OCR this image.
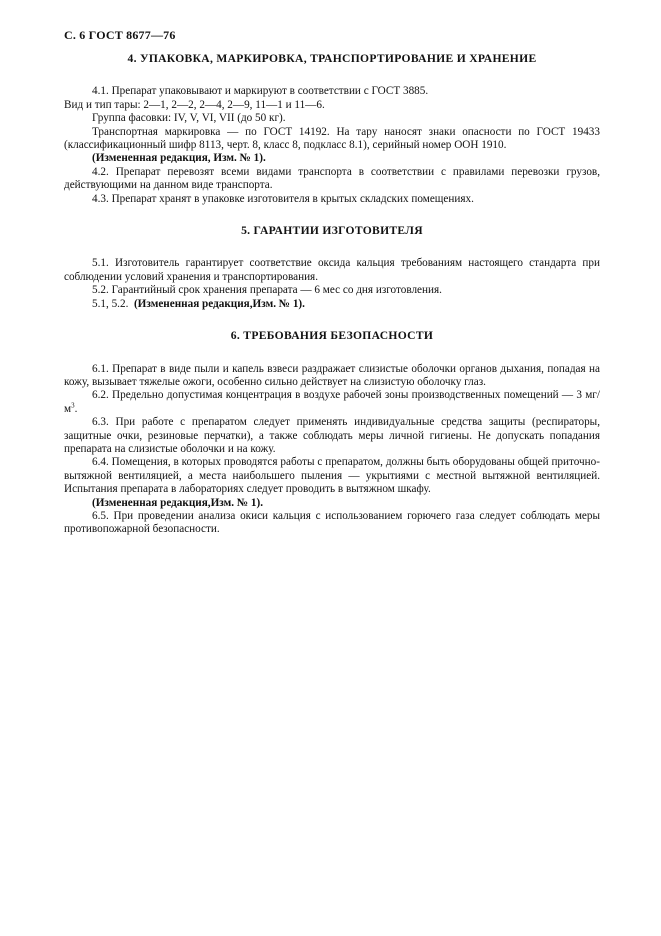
С. 6 ГОСТ 8677—76
4. УПАКОВКА, МАРКИРОВКА, ТРАНСПОРТИРОВАНИЕ И ХРАНЕНИЕ

4.1. Препарат упаковывают и маркируют в соответствии с ГОСТ 3885.

Вид и тип тары: 2—1, 2—2, 2—4, 2—9, 11—1 и 11—6.

Группа фасовки: IV, V, VI, VII (до 50 кг).

Транспортная маркировка — по ГОСТ 14192. На тару наносят знаки опасности по ГОСТ 19433 (классификационный шифр 8113, черт. 8, класс 8, подкласс 8.1), серийный номер ООН 1910.

(Измененная редакция, Изм. № 1).

4.2. Препарат перевозят всеми видами транспорта в соответствии с правилами перевозки грузов, действующими на данном виде транспорта.

4.3. Препарат хранят в упаковке изготовителя в крытых складских помещениях.

5. ГАРАНТИИ ИЗГОТОВИТЕЛЯ

5.1. Изготовитель гарантирует соответствие оксида кальция требованиям настоящего стандарта при соблюдении условий хранения и транспортирования.

5.2. Гарантийный срок хранения препарата — 6 мес со дня изготовления.

5.1, 5.2. (Измененная редакция,Изм. № 1).

6. ТРЕБОВАНИЯ БЕЗОПАСНОСТИ

6.1. Препарат в виде пыли и капель взвеси раздражает слизистые оболочки органов дыхания, попадая на кожу, вызывает тяжелые ожоги, особенно сильно действует на слизистую оболочку глаз.

6.2. Предельно допустимая концентрация в воздухе рабочей зоны производственных помещений — 3 $мг/м^3$.

6.3. При работе с препаратом следует применять индивидуальные средства защиты (респираторы, защитные очки, резиновые перчатки), а также соблюдать меры личной гигиены. Не допускать попадания препарата на слизистые оболочки и на кожу.

6.4. Помещения, в которых проводятся работы с препаратом, должны быть оборудованы общей приточно-вытяжной вентиляцией, а места наибольшего пыления — укрытиями с местной вытяжной вентиляцией. Испытания препарата в лабораториях следует проводить в вытяжном шкафу.

(Измененная редакция,Изм. № 1).

6.5. При проведении анализа окиси кальция с использованием горючего газа следует соблюдать меры противопожарной безопасности.
